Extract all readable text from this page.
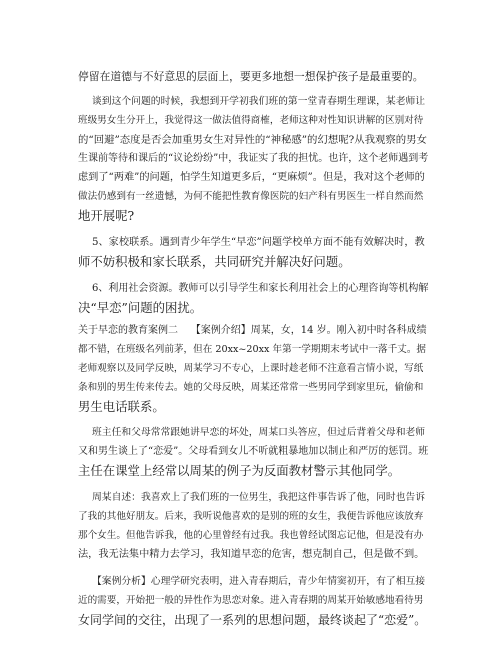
停留在道德与不好意思的层面上，要更多地想一想保护孩子是最重要的。
谈到这个问题的时候，我想到开学初我们班的第一堂青春期生理课，某老师让
班级男女生分开上，我觉得这一做法值得商榷，老师这种对性知识讲解的区别对待
的“回避”态度是否会加重男女生对异性的“神秘感”的幻想呢?从我观察的男女
生课前等待和课后的“议论纷纷”中，我证实了我的担忧。也许，这个老师遇到考
虑到了“两难”的问题，怕学生知道更多后，“更麻烦”。但是，我对这个老师的
做法仍感到有一丝遗憾，为何不能把性教育像医院的妇产科有男医生一样自然而然
地开展呢?
5、家校联系。遇到青少年学生“早恋”问题学校单方面不能有效解决时，教
师不妨积极和家长联系，共同研究并解决好问题。
6、利用社会资源。教师可以引导学生和家长利用社会上的心理咨询等机构解
决“早恋”问题的困扰。
关于早恋的教育案例二    【案例介绍】周某，女，14 岁。刚入初中时各科成绩
都不错，在班级名列前茅，但在 20xx~20xx 年第一学期期末考试中一落千丈。据
老师观察以及同学反映，周某学习不专心，上课时趁老师不注意看言情小说，写纸
条和别的男生传来传去。她的父母反映，周某还常常一些男同学到家里玩，偷偷和
男生电话联系。
班主任和父母常常跟她讲早恋的坏处，周某口头答应，但过后背着父母和老师
又和男生谈上了“恋爱”。父母看到女儿不听就粗暴地加以制止和严厉的惩罚。班
主任在课堂上经常以周某的例子为反面教材警示其他同学。
周某自述：我喜欢上了我们班的一位男生，我把这件事告诉了他，同时也告诉
了我的其他好朋友。后来，我听说他喜欢的是别的班的女生，我便告诉他应该放弃
那个女生。但他告诉我，他的心里曾经有过我。我也曾经试图忘记他，但是没有办
法，我无法集中精力去学习，我知道早恋的危害，想克制自己，但是做不到。
【案例分析】心理学研究表明，进入青春期后，青少年情窦初开，有了相互接
近的需要，开始把一般的异性作为思恋对象。进入青春期的周某开始敏感地看待男
女同学间的交往，出现了一系列的思想问题，最终谈起了“恋爱”。
